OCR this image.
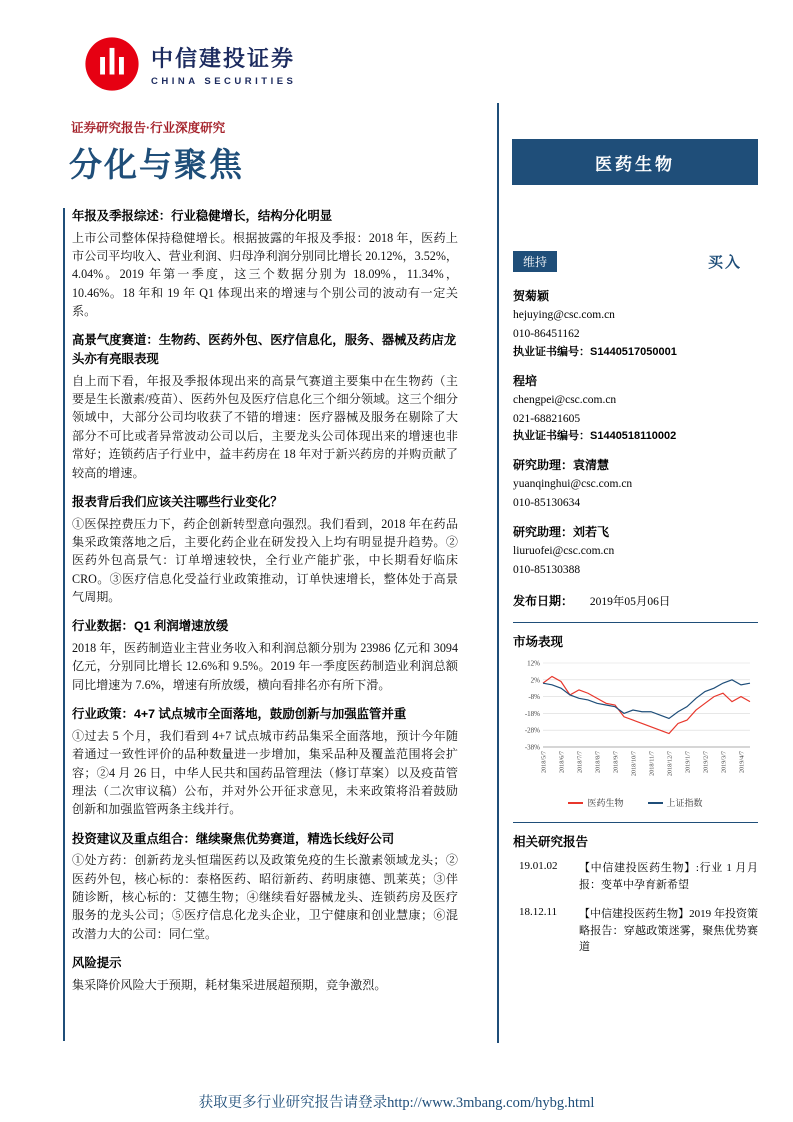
中信建投证券
CHINA SECURITIES
证券研究报告·行业深度研究
分化与聚焦
年报及季报综述：行业稳健增长，结构分化明显

上市公司整体保持稳健增长。根据披露的年报及季报：2018 年，医药上市公司平均收入、营业利润、归母净利润分别同比增长 20.12%，3.52%，4.04%。2019 年第一季度，这三个数据分别为 18.09%，11.34%，10.46%。18 年和 19 年 Q1 体现出来的增速与个别公司的波动有一定关系。

高景气度赛道：生物药、医药外包、医疗信息化，服务、器械及药店龙头亦有亮眼表现

自上而下看，年报及季报体现出来的高景气赛道主要集中在生物药（主要是生长激素/疫苗）、医药外包及医疗信息化三个细分领域。这三个细分领域中，大部分公司均收获了不错的增速：医疗器械及服务在剔除了大部分不可比或者异常波动公司以后，主要龙头公司体现出来的增速也非常好；连锁药店子行业中，益丰药房在 18 年对于新兴药房的并购贡献了较高的增速。

报表背后我们应该关注哪些行业变化？

①医保控费压力下，药企创新转型意向强烈。我们看到，2018 年在药品集采政策落地之后，主要化药企业在研发投入上均有明显提升趋势。②医药外包高景气：订单增速较快，全行业产能扩张，中长期看好临床 CRO。③医疗信息化受益行业政策推动，订单快速增长，整体处于高景气周期。

行业数据：Q1 利润增速放缓

2018 年，医药制造业主营业务收入和利润总额分别为 23986 亿元和 3094 亿元，分别同比增长 12.6%和 9.5%。2019 年一季度医药制造业利润总额同比增速为 7.6%，增速有所放缓，横向看排名亦有所下滑。

行业政策：4+7 试点城市全面落地，鼓励创新与加强监管并重

①过去 5 个月，我们看到 4+7 试点城市药品集采全面落地，预计今年随着通过一致性评价的品种数量进一步增加，集采品种及覆盖范围将会扩容；②4 月 26 日，中华人民共和国药品管理法（修订草案）以及疫苗管理法（二次审议稿）公布，并对外公开征求意见，未来政策将沿着鼓励创新和加强监管两条主线并行。

投资建议及重点组合：继续聚焦优势赛道，精选长线好公司

①处方药：创新药龙头恒瑞医药以及政策免疫的生长激素领域龙头；②医药外包，核心标的：泰格医药、昭衍新药、药明康德、凯莱英；③伴随诊断，核心标的：艾德生物；④继续看好器械龙头、连锁药房及医疗服务的龙头公司；⑤医疗信息化龙头企业，卫宁健康和创业慧康；⑥混改潜力大的公司：同仁堂。

风险提示

集采降价风险大于预期，耗材集采进展超预期，竞争激烈。

医药生物
维持	买入
贺菊颖
hejuying@csc.com.cn
010-86451162
执业证书编号：S1440517050001
程培
chengpei@csc.com.cn
021-68821605
执业证书编号：S1440518110002
研究助理：袁清慧
yuanqinghui@csc.com.cn
010-85130634
研究助理：刘若飞
liuruofei@csc.com.cn
010-85130388
发布日期： 2019年05月06日
市场表现
12%
2%
-8%
-18%
-28%
-38%
2018/5/7 2018/6/7 2018/7/7 2018/8/7 2018/9/7 2018/10/7 2018/11/7 2018/12/7 2019/1/7 2019/2/7 2019/3/7 2019/4/7
医药生物	上证指数
相关研究报告
19.01.02	【中信建投医药生物】:行业 1 月月报：变革中孕育新希望
18.12.11	【中信建投医药生物】2019 年投资策略报告：穿越政策迷雾，聚焦优势赛道
获取更多行业研究报告请登录http://www.3mbang.com/hybg.html
